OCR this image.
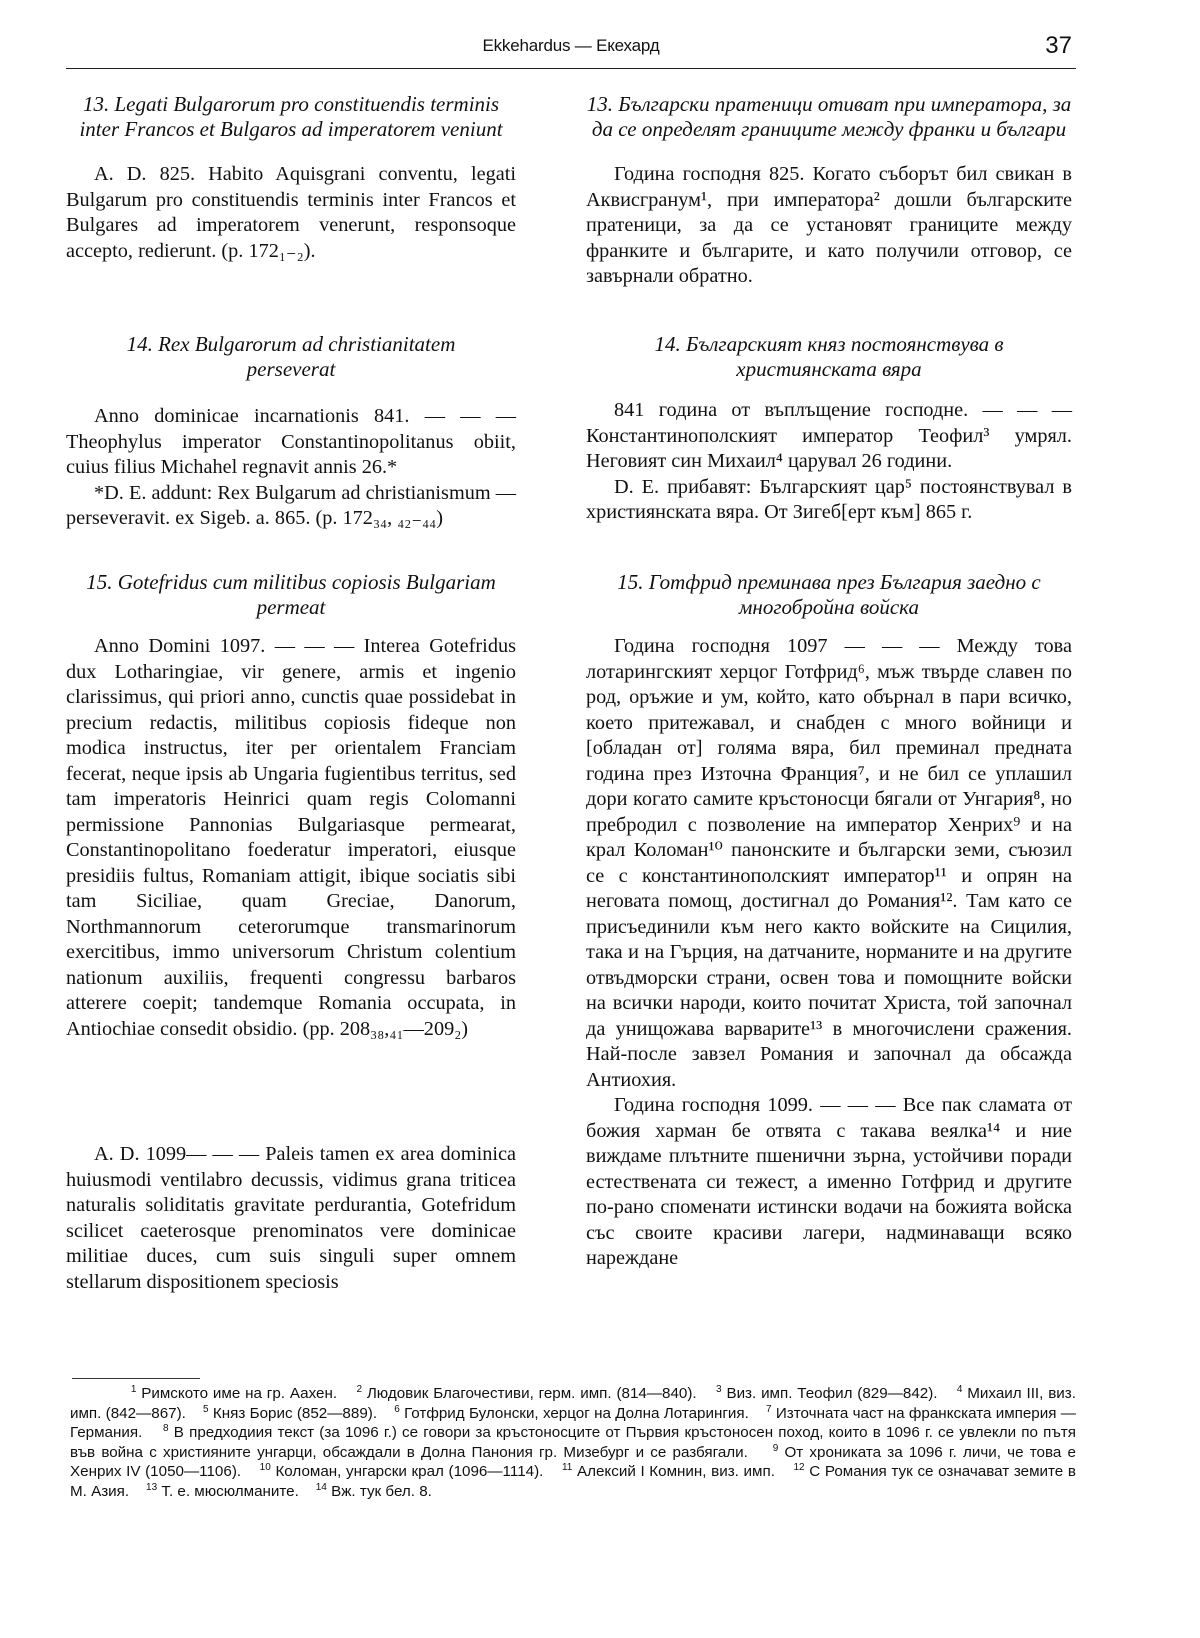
Ekkehardus — Екехард	37

13. Legati Bulgarorum pro constituendis terminis inter Francos et Bulgaros ad imperatorem veniunt

A. D. 825. Habito Aquisgrani conventu, legati Bulgarum pro constituendis terminis inter Francos et Bulgares ad imperatorem venerunt, responsoque accepto, redierunt. (p. 172₁₋₂).

14. Rex Bulgarorum ad christianitatem perseverat

Anno dominicae incarnationis 841. — — — Theophylus imperator Constantinopolitanus obiit, cuius filius Michahel regnavit annis 26.*

*D. E. addunt: Rex Bulgarum ad christianismum — perseveravit. ex Sigeb. a. 865. (p. 172₃₄, ₄₂₋₄₄)

15. Gotefridus cum militibus copiosis Bulgariam permeat

Anno Domini 1097. — — — Interea Gotefridus dux Lotharingiae, vir genere, armis et ingenio clarissimus, qui priori anno, cunctis quae possidebat in precium redactis, militibus copiosis fideque non modica instructus, iter per orientalem Franciam fecerat, neque ipsis ab Ungaria fugientibus territus, sed tam imperatoris Heinrici quam regis Colomanni permissione Pannonias Bulgariasque permearat, Constantinopolitano foederatur imperatori, eiusque presidiis fultus, Romaniam attigit, ibique sociatis sibi tam Siciliae, quam Greciae, Danorum, Northmannorum ceterorumque transmarinorum exercitibus, immo universorum Christum colentium nationum auxiliis, frequenti congressu barbaros atterere coepit; tandemque Romania occupata, in Antiochiae consedit obsidio. (pp. 208₃₈,₄₁—209₂)

A. D. 1099— — — Paleis tamen ex area dominica huiusmodi ventilabro decussis, vidimus grana triticea naturalis soliditatis gravitate perdurantia, Gotefridum scilicet caeterosque prenominatos vere dominicae militiae duces, cum suis singuli super omnem stellarum dispositionem speciosis

13. Български пратеници отиват при императора, за да се определят границите между франки и българи

Година господня 825. Когато съборът бил свикан в Аквисгранум¹, при императора² дошли българските пратеници, за да се установят границите между франките и българите, и като получили отговор, се завърнали обратно.

14. Българският княз постоянствува в християнската вяра

841 година от въплъщение господне. — — — Константинополският император Теофил³ умрял. Неговият син Михаил⁴ царувал 26 години.

D. E. прибавят: Българският цар⁵ постоянствувал в християнската вяра. От Зигеб[ерт към] 865 г.

15. Готфрид преминава през България заедно с многобройна войска

Година господня 1097 — — — Между това лотарингският херцог Готфрид⁶, мъж твърде славен по род, оръжие и ум, който, като обърнал в пари всичко, което притежавал, и снабден с много войници и [обладан от] голяма вяра, бил преминал предната година през Източна Франция⁷, и не бил се уплашил дори когато самите кръстоносци бягали от Унгария⁸, но пребродил с позволение на император Хенрих⁹ и на крал Коломан¹⁰ панонските и български земи, съюзил се с константинополският император¹¹ и опрян на неговата помощ, достигнал до Романия¹². Там като се присъединили към него както войските на Сицилия, така и на Гърция, на датчаните, норманите и на другите отвъдморски страни, освен това и помощните войски на всички народи, които почитат Христа, той започнал да унищожава варварите¹³ в многочислени сражения. Най-после завзел Романия и започнал да обсажда Антиохия.

Година господня 1099. — — — Все пак сламата от божия харман бе отвята с такава веялка¹⁴ и ние виждаме плътните пшенични зърна, устойчиви поради естествената си тежест, а именно Готфрид и другите по-рано споменати истински водачи на божията войска със своите красиви лагери, надминаващи всяко нареждане

$^1$ Римското име на гр. Аахен. $^2$ Людовик Благочестиви, герм. имп. (814—840). $^3$ Виз. имп. Теофил (829—842). $^4$ Михаил III, виз. имп. (842—867). $^5$ Княз Борис (852—889). $^6$ Готфрид Булонски, херцог на Долна Лотарингия. $^7$ Източната част на франкската империя — Германия. $^8$ В предходиия текст (за 1096 г.) се говори за кръстоносците от Първия кръстоносен поход, които в 1096 г. се увлекли по пътя във война с християните унгарци, обсаждали в Долна Панония гр. Мизебург и се разбягали. $^9$ От хрониката за 1096 г. личи, че това е Хенрих IV (1050—1106). $^{10}$ Коломан, унгарски крал (1096—1114). $^{11}$ Алексий I Комнин, виз. имп. $^{12}$ С Романия тук се означават земите в М. Азия. $^{13}$ Т. е. мюсюлманите. $^{14}$ Вж. тук бел. 8.
